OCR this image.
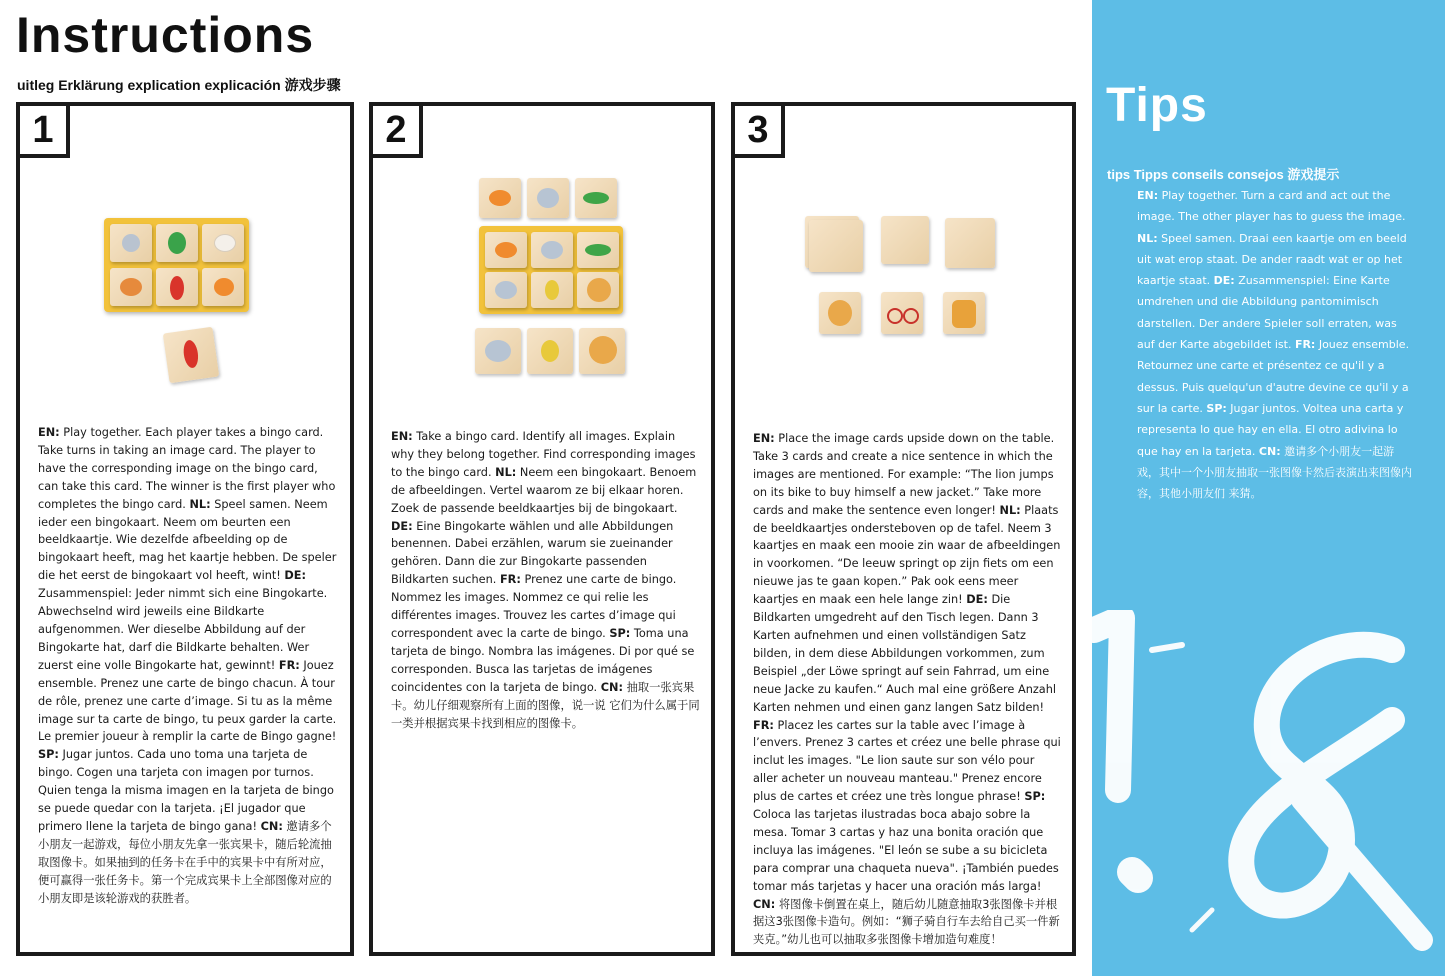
Instructions
uitleg Erklärung explication explicación 游戏步骤
1
EN: Play together. Each player takes a bingo card. Take turns in taking an image card. The player to have the corresponding image on the bingo card, can take this card. The winner is the first player who completes the bingo card. NL: Speel samen. Neem ieder een bingokaart. Neem om beurten een beeldkaartje. Wie dezelfde afbeelding op de bingokaart heeft, mag het kaartje hebben. De speler die het eerst de bingokaart vol heeft, wint! DE: Zusammenspiel: Jeder nimmt sich eine Bingokarte. Abwechselnd wird jeweils eine Bildkarte aufgenommen. Wer dieselbe Abbildung auf der Bingokarte hat, darf die Bildkarte behalten. Wer zuerst eine volle Bingokarte hat, gewinnt! FR: Jouez ensemble. Prenez une carte de bingo chacun. À tour de rôle, prenez une carte d’image. Si tu as la même image sur ta carte de bingo, tu peux garder la carte. Le premier joueur à remplir la carte de Bingo gagne! SP: Jugar juntos. Cada uno toma una tarjeta de bingo. Cogen una tarjeta con imagen por turnos. Quien tenga la misma imagen en la tarjeta de bingo se puede quedar con la tarjeta. ¡El jugador que primero llene la tarjeta de bingo gana! CN: 邀请多个小朋友一起游戏，每位小朋友先拿一张宾果卡，随后轮流抽取图像卡。如果抽到的任务卡在手中的宾果卡中有所对应，便可赢得一张任务卡。第一个完成宾果卡上全部图像对应的小朋友即是该轮游戏的获胜者。
2
EN: Take a bingo card. Identify all images. Explain why they belong together. Find corresponding images to the bingo card. NL: Neem een bingokaart. Benoem de afbeeldingen. Vertel waarom ze bij elkaar horen. Zoek de passende beeldkaartjes bij de bingokaart. DE: Eine Bingokarte wählen und alle Abbildungen benennen. Dabei erzählen, warum sie zueinander gehören. Dann die zur Bingokarte passenden Bildkarten suchen. FR: Prenez une carte de bingo. Nommez les images. Nommez ce qui relie les différentes images. Trouvez les cartes d’image qui correspondent avec la carte de bingo. SP: Toma una tarjeta de bingo. Nombra las imágenes. Di por qué se corresponden. Busca las tarjetas de imágenes coincidentes con la tarjeta de bingo. CN: 抽取一张宾果卡。幼儿仔细观察所有上面的图像，说一说 它们为什么属于同一类并根据宾果卡找到相应的图像卡。
3
EN: Place the image cards upside down on the table. Take 3 cards and create a nice sentence in which the images are mentioned. For example: “The lion jumps on its bike to buy himself a new jacket.” Take more cards and make the sentence even longer! NL: Plaats de beeldkaartjes ondersteboven op de tafel. Neem 3 kaartjes en maak een mooie zin waar de afbeeldingen in voorkomen. “De leeuw springt op zijn fiets om een nieuwe jas te gaan kopen.” Pak ook eens meer kaartjes en maak een hele lange zin! DE: Die Bildkarten umgedreht auf den Tisch legen. Dann 3 Karten aufnehmen und einen vollständigen Satz bilden, in dem diese Abbildungen vorkommen, zum Beispiel „der Löwe springt auf sein Fahrrad, um eine neue Jacke zu kaufen.“ Auch mal eine größere Anzahl Karten nehmen und einen ganz langen Satz bilden! FR: Placez les cartes sur la table avec l’image à l’envers. Prenez 3 cartes et créez une belle phrase qui inclut les images. "Le lion saute sur son vélo pour aller acheter un nouveau manteau." Prenez encore plus de cartes et créez une très longue phrase! SP: Coloca las tarjetas ilustradas boca abajo sobre la mesa. Tomar 3 cartas y haz una bonita oración que incluya las imágenes. "El león se sube a su bicicleta para comprar una chaqueta nueva". ¡También puedes tomar más tarjetas y hacer una oración más larga! CN: 将图像卡倒置在桌上，随后幼儿随意抽取3张图像卡并根据这3张图像卡造句。例如：“狮子骑自行车去给自己买一件新夹克。”幼儿也可以抽取多张图像卡增加造句难度！
Tips
tips Tipps conseils consejos 游戏提示
EN: Play together. Turn a card and act out the image. The other player has to guess the image. NL: Speel samen. Draai een kaartje om en beeld uit wat erop staat. De ander raadt wat er op het kaartje staat. DE: Zusammenspiel: Eine Karte umdrehen und die Abbildung pantomimisch darstellen. Der andere Spieler soll erraten, was auf der Karte abgebildet ist. FR: Jouez ensemble. Retournez une carte et présentez ce qu'il y a dessus. Puis quelqu'un d'autre devine ce qu'il y a sur la carte. SP: Jugar juntos. Voltea una carta y representa lo que hay en ella. El otro adivina lo que hay en la tarjeta. CN: 邀请多个小朋友一起游戏，其中一个小朋友抽取一张图像卡然后表演出来图像内容，其他小朋友们 来猜。
